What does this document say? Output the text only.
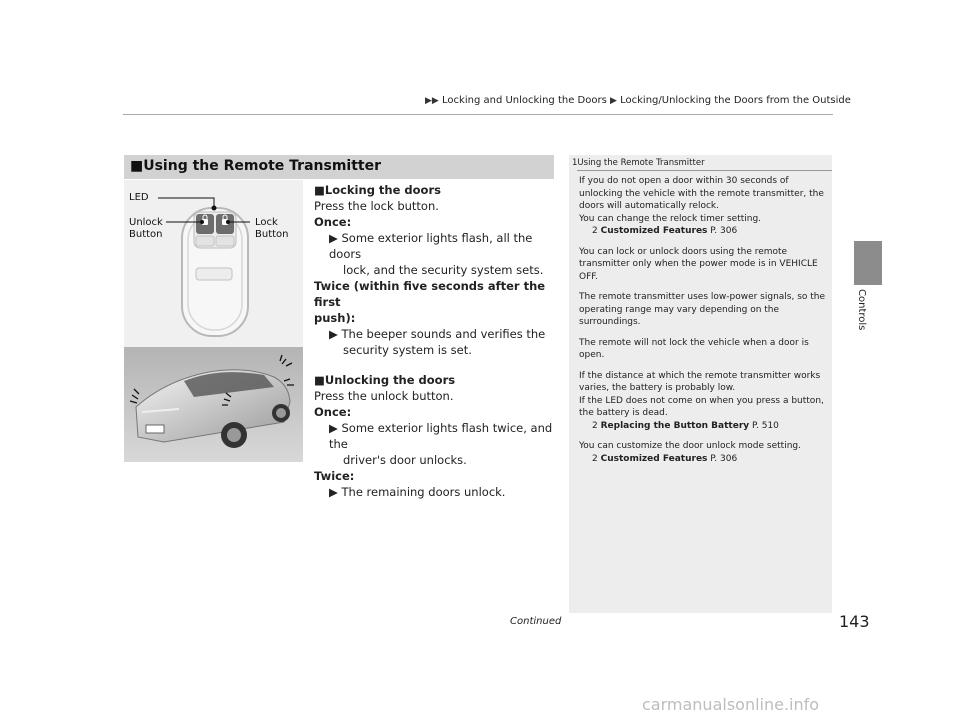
▶▶ Locking and Unlocking the Doors ▶ Locking/Unlocking the Doors from the Outside
Controls
■Using the Remote Transmitter
LED
Unlock
Button
Lock
Button
■Locking the doors
Press the lock button.
Once:
▶ Some exterior lights flash, all the doors
lock, and the security system sets.
Twice (within five seconds after the first
push):
▶ The beeper sounds and verifies the
security system is set.
■Unlocking the doors
Press the unlock button.
Once:
▶ Some exterior lights flash twice, and the
driver's door unlocks.
Twice:
▶ The remaining doors unlock.
1Using the Remote Transmitter

If you do not open a door within 30 seconds of unlocking the vehicle with the remote transmitter, the doors will automatically relock.
You can change the relock timer setting.
2 Customized Features P. 306

You can lock or unlock doors using the remote transmitter only when the power mode is in VEHICLE OFF.

The remote transmitter uses low-power signals, so the operating range may vary depending on the surroundings.

The remote will not lock the vehicle when a door is open.

If the distance at which the remote transmitter works varies, the battery is probably low.
If the LED does not come on when you press a button, the battery is dead.
2 Replacing the Button Battery P. 510

You can customize the door unlock mode setting.
2 Customized Features P. 306

Continued	143
carmanualsonline.info
